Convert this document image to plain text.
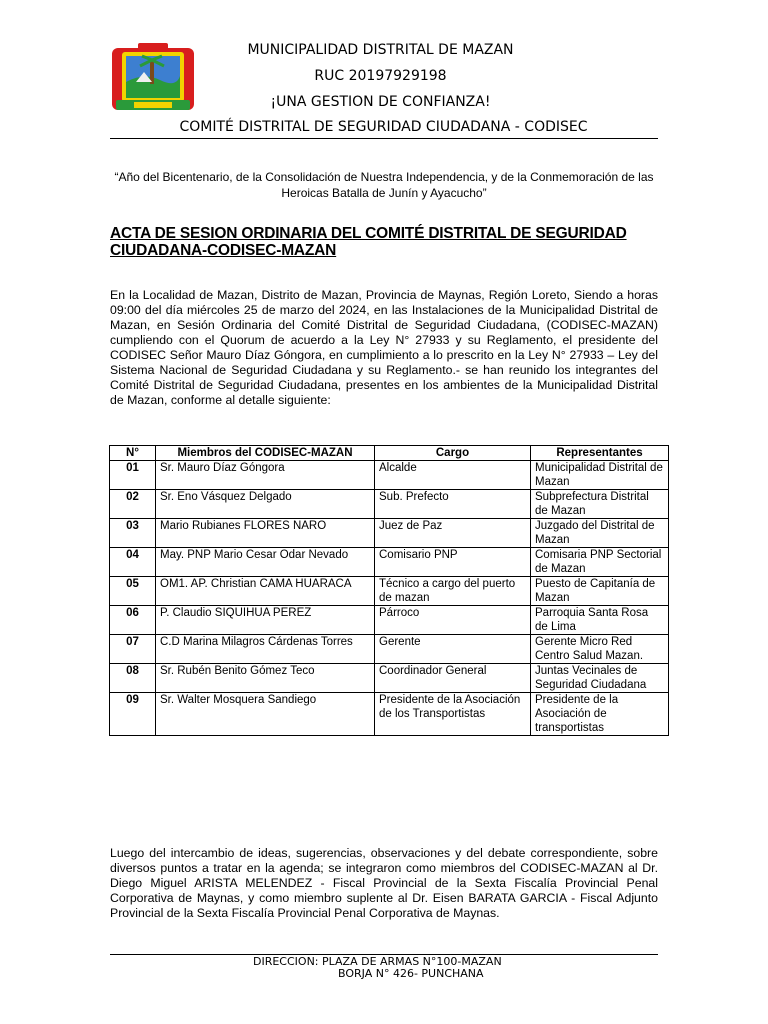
MUNICIPALIDAD DISTRITAL DE MAZAN
RUC 20197929198
¡UNA GESTION DE CONFIANZA!
COMITÉ DISTRITAL DE SEGURIDAD CIUDADANA - CODISEC
“Año del Bicentenario, de la Consolidación de Nuestra Independencia, y de la Conmemoración de las Heroicas Batalla de Junín y Ayacucho”
ACTA DE SESION ORDINARIA DEL COMITÉ DISTRITAL DE SEGURIDAD CIUDADANA-CODISEC-MAZAN
En la Localidad de Mazan, Distrito de Mazan, Provincia de Maynas, Región Loreto, Siendo a horas 09:00 del día miércoles 25 de marzo del 2024, en las Instalaciones de la Municipalidad Distrital de Mazan, en Sesión Ordinaria del Comité Distrital de Seguridad Ciudadana, (CODISEC-MAZAN) cumpliendo con el Quorum de acuerdo a la Ley N° 27933 y su Reglamento, el presidente del CODISEC Señor Mauro Díaz Góngora, en cumplimiento a lo prescrito en la Ley N° 27933 – Ley del Sistema Nacional de Seguridad Ciudadana y su Reglamento.- se han reunido los integrantes del Comité Distrital de Seguridad Ciudadana, presentes en los ambientes de la Municipalidad Distrital de Mazan, conforme al detalle siguiente:
N°	Miembros del CODISEC-MAZAN	Cargo	Representantes
01	Sr. Mauro Díaz Góngora	Alcalde	Municipalidad Distrital de Mazan
02	Sr. Eno Vásquez Delgado	Sub. Prefecto	Subprefectura Distrital de Mazan
03	Mario Rubianes FLORES NARO	Juez de Paz	Juzgado del Distrital de Mazan
04	May. PNP Mario Cesar Odar Nevado	Comisario PNP	Comisaria PNP Sectorial de Mazan
05	OM1. AP. Christian CAMA HUARACA	Técnico a cargo del puerto de mazan	Puesto de Capitanía de Mazan
06	P. Claudio SIQUIHUA PEREZ	Párroco	Parroquia Santa Rosa de Lima
07	C.D Marina Milagros Cárdenas Torres	Gerente	Gerente Micro Red Centro Salud Mazan.
08	Sr. Rubén Benito Gómez Teco	Coordinador General	Juntas Vecinales de Seguridad Ciudadana
09	Sr. Walter Mosquera Sandiego	Presidente de la Asociación de los Transportistas	Presidente de la Asociación de transportistas
Luego del intercambio de ideas, sugerencias, observaciones y del debate correspondiente, sobre diversos puntos a tratar en la agenda; se integraron como miembros del CODISEC-MAZAN al Dr. Diego Miguel ARISTA MELENDEZ - Fiscal Provincial de la Sexta Fiscalía Provincial Penal Corporativa de Maynas, y como miembro suplente al Dr. Eisen BARATA GARCIA - Fiscal Adjunto Provincial de la Sexta Fiscalía Provincial Penal Corporativa de Maynas.
DIRECCION: PLAZA DE ARMAS N°100-MAZAN
BORJA N° 426- PUNCHANA
